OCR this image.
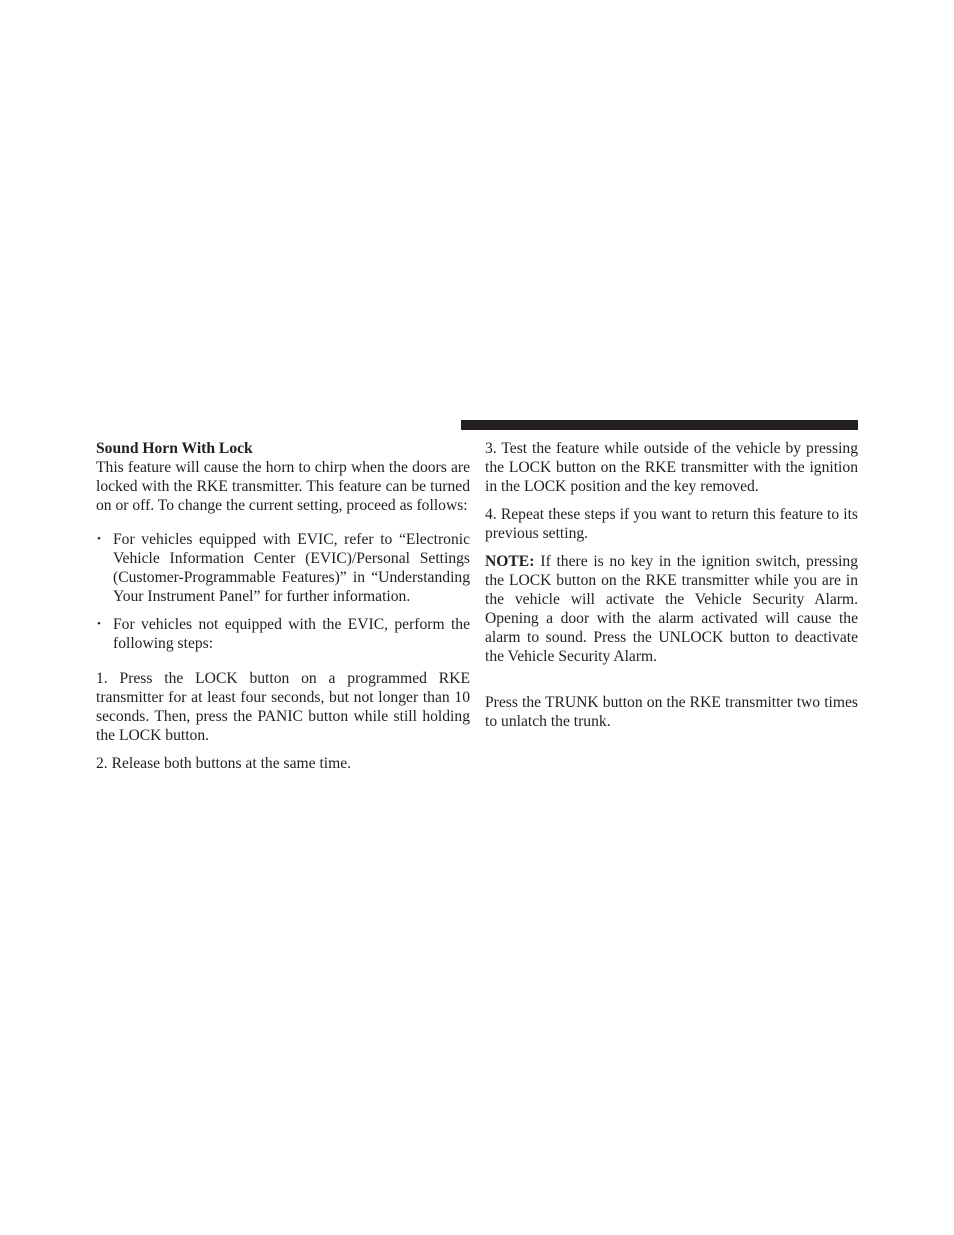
Sound Horn With Lock

This feature will cause the horn to chirp when the doors are locked with the RKE transmitter. This feature can be turned on or off. To change the current setting, proceed as follows:

• For vehicles equipped with EVIC, refer to “Electronic Vehicle Information Center (EVIC)/Personal Settings (Customer-Programmable Features)” in “Understanding Your Instrument Panel” for further information.
• For vehicles not equipped with the EVIC, perform the following steps:

1. Press the LOCK button on a programmed RKE transmitter for at least four seconds, but not longer than 10 seconds. Then, press the PANIC button while still holding the LOCK button.

2. Release both buttons at the same time.

3. Test the feature while outside of the vehicle by pressing the LOCK button on the RKE transmitter with the ignition in the LOCK position and the key removed.

4. Repeat these steps if you want to return this feature to its previous setting.

NOTE: If there is no key in the ignition switch, pressing the LOCK button on the RKE transmitter while you are in the vehicle will activate the Vehicle Security Alarm. Opening a door with the alarm activated will cause the alarm to sound. Press the UNLOCK button to deactivate the Vehicle Security Alarm.

Press the TRUNK button on the RKE transmitter two times to unlatch the trunk.
